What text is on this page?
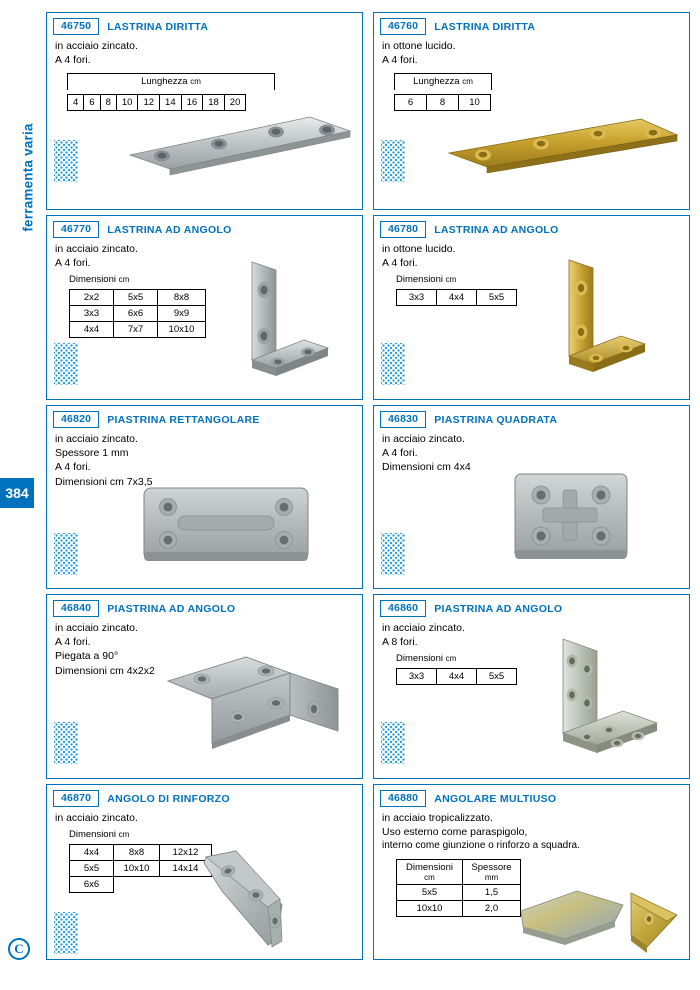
ferramenta varia
384
C
46750	LASTRINA DIRITTA
in acciaio zincato.
A 4 fori.
Lunghezza cm
4	6	8	10	12	14	16	18	20
46760	LASTRINA DIRITTA
in ottone lucido.
A 4 fori.
Lunghezza cm
6	8	10
46770	LASTRINA AD ANGOLO
in acciaio zincato.
A 4 fori.
Dimensioni cm
2x2	5x5	8x8
3x3	6x6	9x9
4x4	7x7	10x10
46780	LASTRINA AD ANGOLO
in ottone lucido.
A 4 fori.
Dimensioni cm
3x3	4x4	5x5
46820	PIASTRINA RETTANGOLARE
in acciaio zincato.
Spessore 1 mm
A 4 fori.
Dimensioni cm 7x3,5
46830	PIASTRINA QUADRATA
in acciaio zincato.
A 4 fori.
Dimensioni cm 4x4
46840	PIASTRINA AD ANGOLO
in acciaio zincato.
A 4 fori.
Piegata a 90°
Dimensioni cm 4x2x2
46860	PIASTRINA AD ANGOLO
in acciaio zincato.
A 8 fori.
Dimensioni cm
3x3	4x4	5x5
46870	ANGOLO DI RINFORZO
in acciaio zincato.
Dimensioni cm
4x4	8x8	12x12
5x5	10x10	14x14
6x6		
46880	ANGOLARE MULTIUSO
in acciaio tropicalizzato.
Uso esterno come paraspigolo,
interno come giunzione o rinforzo a squadra.
Dimensioni	Spessore
cm	mm
5x5	1,5
10x10	2,0
